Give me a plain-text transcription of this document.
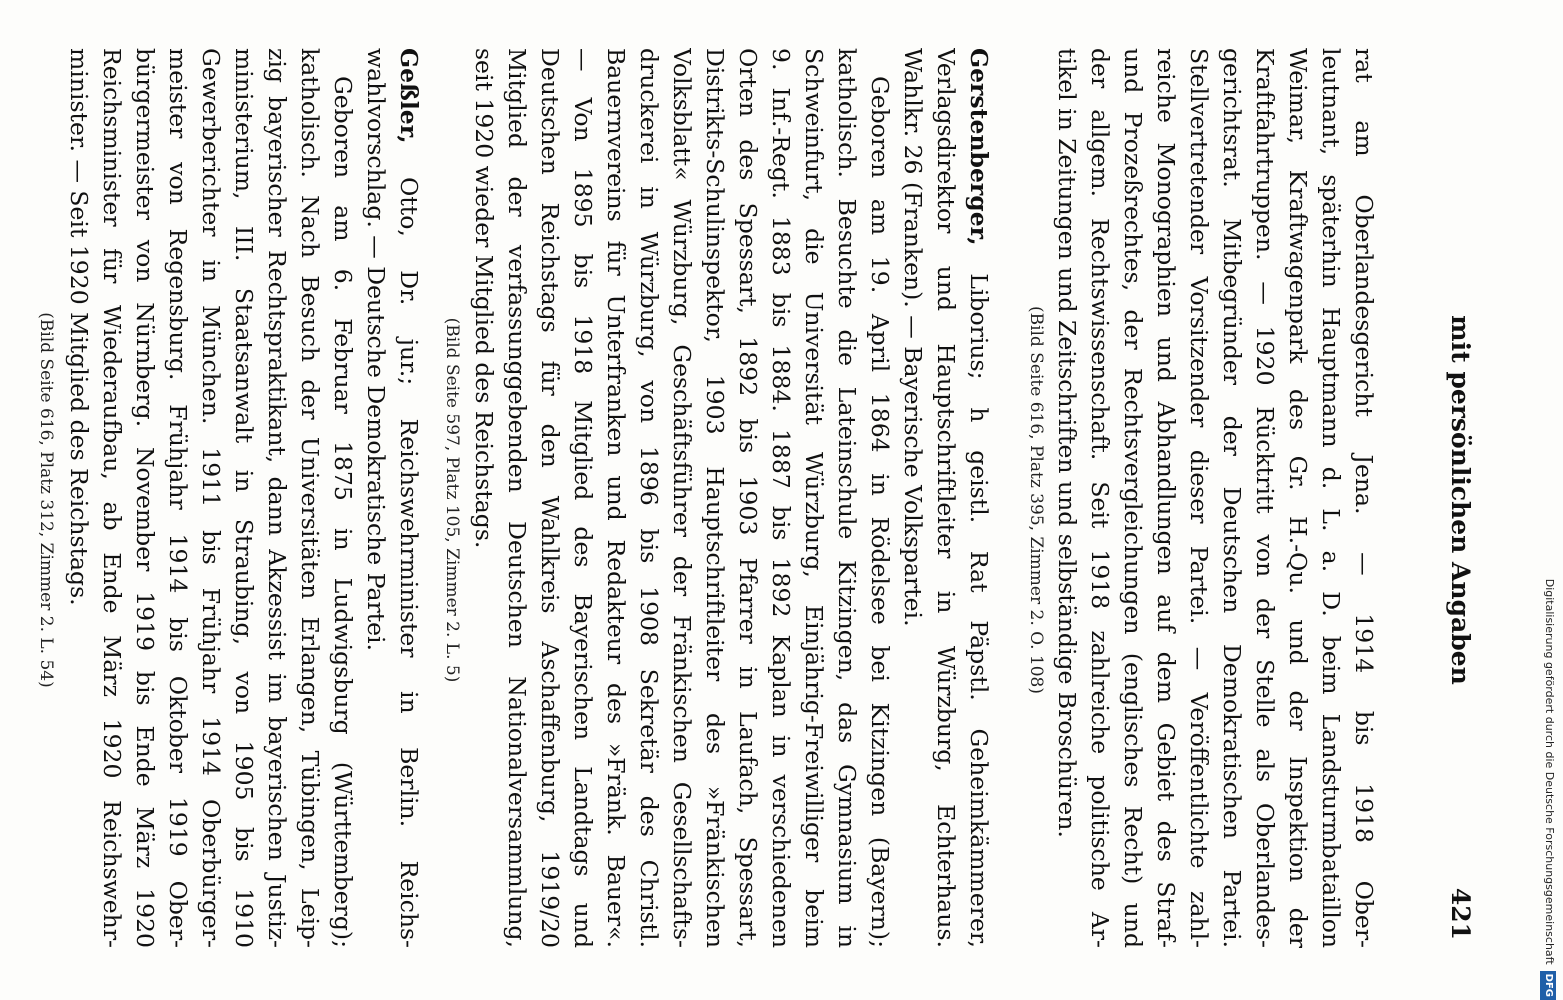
mit persönlichen Angaben
421
rat am Oberlandesgericht Jena. — 1914 bis 1918 Ober-
leutnant, späterhin Hauptmann d. L. a. D. beim Landsturmbataillon
Weimar, Kraftwagenpark des Gr. H.-Qu. und der Inspektion der
Kraftfahrtruppen. — 1920 Rücktritt von der Stelle als Oberlandes-
gerichtsrat. Mitbegründer der Deutschen Demokratischen Partei.
Stellvertretender Vorsitzender dieser Partei. — Veröffentlichte zahl-
reiche Monographien und Abhandlungen auf dem Gebiet des Straf-
und Prozeßrechtes, der Rechtsvergleichungen (englisches Recht) und
der allgem. Rechtswissenschaft. Seit 1918 zahlreiche politische Ar-
tikel in Zeitungen und Zeitschriften und selbständige Broschüren.
(Bild Seite 616, Platz 395, Zimmer 2. O. 108)
Gerstenberger, Liborius; h geistl. Rat Päpstl. Geheimkämmerer,
Verlagsdirektor und Hauptschriftleiter in Würzburg, Echterhaus.
Wahlkr. 26 (Franken). — Bayerische Volkspartei.
Geboren am 19. April 1864 in Rödelsee bei Kitzingen (Bayern);
katholisch. Besuchte die Lateinschule Kitzingen, das Gymnasium in
Schweinfurt, die Universität Würzburg, Einjährig-Freiwilliger beim
9. Inf.-Regt. 1883 bis 1884. 1887 bis 1892 Kaplan in verschiedenen
Orten des Spessart, 1892 bis 1903 Pfarrer in Laufach, Spessart,
Distrikts-Schulinspektor, 1903 Hauptschriftleiter des »Fränkischen
Volksblatt« Würzburg, Geschäftsführer der Fränkischen Gesellschafts-
druckerei in Würzburg, von 1896 bis 1908 Sekretär des Christl.
Bauernvereins für Unterfranken und Redakteur des »Fränk. Bauer«.
— Von 1895 bis 1918 Mitglied des Bayerischen Landtags und
Deutschen Reichstags für den Wahlkreis Aschaffenburg, 1919/20
Mitglied der verfassunggebenden Deutschen Nationalversammlung,
seit 1920 wieder Mitglied des Reichstags.
(Bild Seite 597, Platz 105, Zimmer 2. L. 5)
Geßler, Otto, Dr. jur.; Reichswehrminister in Berlin. Reichs-
wahlvorschlag. — Deutsche Demokratische Partei.
Geboren am 6. Februar 1875 in Ludwigsburg (Württemberg);
katholisch. Nach Besuch der Universitäten Erlangen, Tübingen, Leip-
zig bayerischer Rechtspraktikant, dann Akzessist im bayerischen Justiz-
ministerium, III. Staatsanwalt in Straubing, von 1905 bis 1910
Gewerberichter in München. 1911 bis Frühjahr 1914 Oberbürger-
meister von Regensburg. Frühjahr 1914 bis Oktober 1919 Ober-
bürgermeister von Nürnberg. November 1919 bis Ende März 1920
Reichsminister für Wiederaufbau, ab Ende März 1920 Reichswehr-
minister. — Seit 1920 Mitglied des Reichstags.
(Bild Seite 616, Platz 312, Zimmer 2. L. 54)
Digitalisierung gefördert durch die Deutsche ForschungsgemeinschaftDFG
